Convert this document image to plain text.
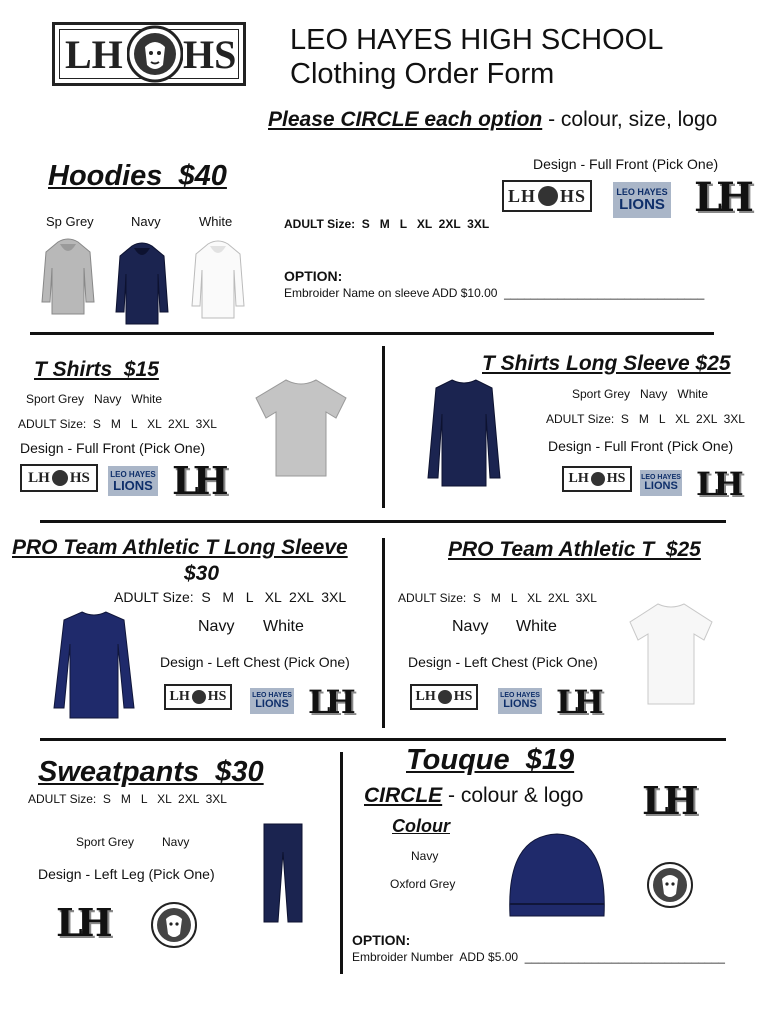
LH HS LEO HAYES HIGH SCHOOL
Clothing Order Form
Please CIRCLE each option - colour, size, logo
Hoodies  $40
Sp Grey	Navy	White
Design - Full Front (Pick One)
LH HS	LEO HAYES
LIONS LH
ADULT Size:  S   M   L   XL  2XL  3XL
OPTION:
Embroider Name on sleeve ADD $10.00  ______________________________
T Shirts  $15
Sport Grey   Navy   White
ADULT Size:  S   M   L   XL  2XL  3XL
Design - Full Front (Pick One)
LH HS	LEO HAYES
LIONS LH
T Shirts Long Sleeve $25
Sport Grey   Navy   White
ADULT Size:  S   M   L   XL  2XL  3XL
Design - Full Front (Pick One)
LH HS LEO HAYES
LIONS LH
PRO Team Athletic T Long Sleeve
$30
ADULT Size:  S   M   L   XL  2XL  3XL
Navy White
Design - Left Chest (Pick One)
LH HS	LEO HAYES
LIONS LH
PRO Team Athletic T  $25
ADULT Size:  S   M   L   XL  2XL  3XL
Navy White
Design - Left Chest (Pick One)
LH HS	LEO HAYES
LIONS LH
Sweatpants  $30
ADULT Size:  S   M   L   XL  2XL  3XL
Sport Grey Navy
Design - Left Leg (Pick One)
LH
Touque  $19
CIRCLE - colour & logo
Colour
Navy
Oxford Grey
LH
OPTION:
Embroider Number  ADD $5.00  ______________________________
